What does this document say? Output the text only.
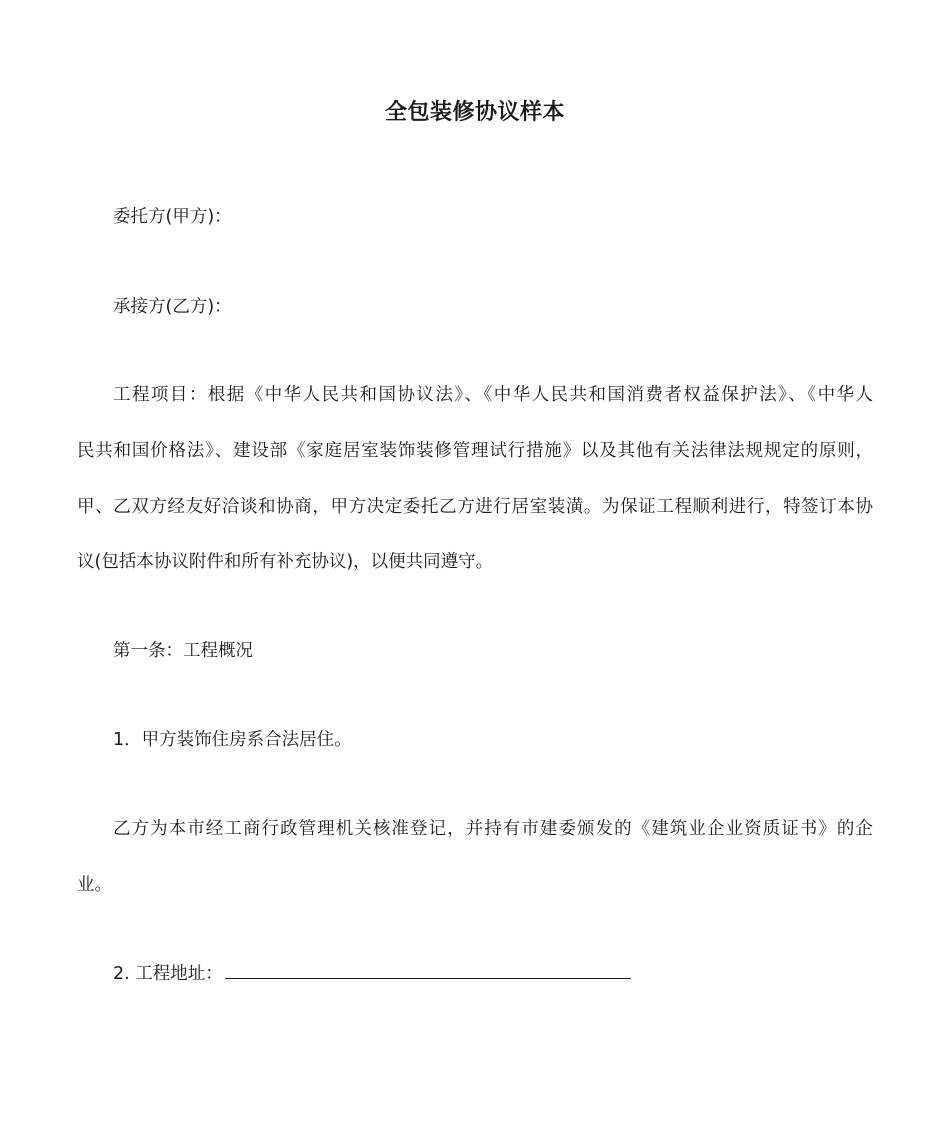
全包装修协议样本

委托方(甲方)：

承接方(乙方)：

工程项目：根据《中华人民共和国协议法》、《中华人民共和国消费者权益保护法》、《中华人

民共和国价格法》、建设部《家庭居室装饰装修管理试行措施》以及其他有关法律法规规定的原则，

甲、乙双方经友好洽谈和协商，甲方决定委托乙方进行居室装潢。为保证工程顺利进行，特签订本协

议(包括本协议附件和所有补充协议)，以便共同遵守。

第一条：工程概况

1．甲方装饰住房系合法居住。

乙方为本市经工商行政管理机关核准登记，并持有市建委颁发的《建筑业企业资质证书》的企

业。

2. 工程地址：
